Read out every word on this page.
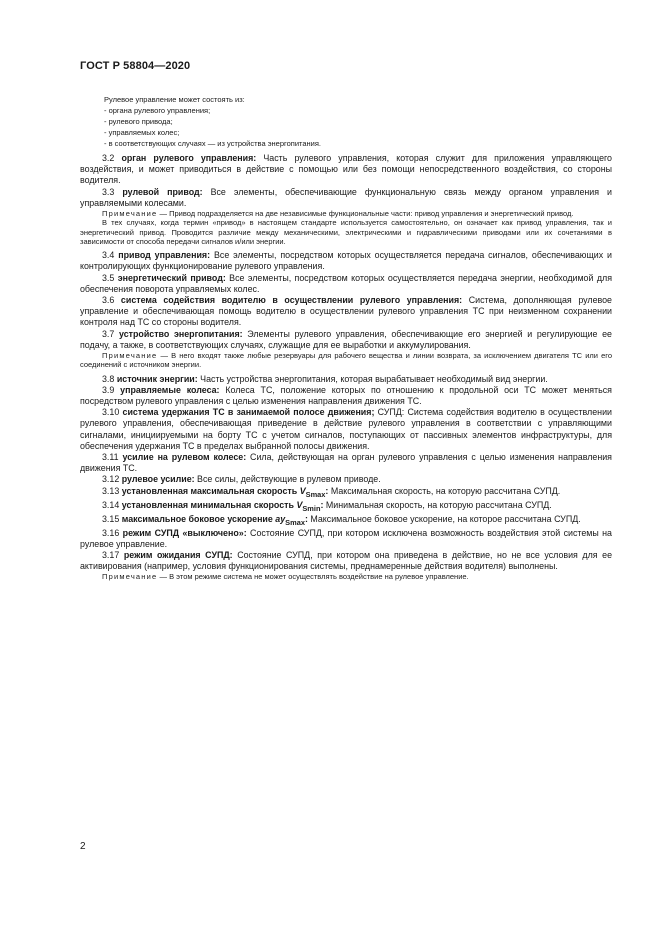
ГОСТ Р 58804—2020
Рулевое управление может состоять из:
- органа рулевого управления;
- рулевого привода;
- управляемых колес;
- в соответствующих случаях — из устройства энергопитания.

3.2 орган рулевого управления: Часть рулевого управления, которая служит для приложения управляющего воздействия, и может приводиться в действие с помощью или без помощи непосредственного воздействия, со стороны водителя.

3.3 рулевой привод: Все элементы, обеспечивающие функциональную связь между органом управления и управляемыми колесами.

Примечание — Привод подразделяется на две независимые функциональные части: привод управления и энергетический привод.

В тех случаях, когда термин «привод» в настоящем стандарте используется самостоятельно, он означает как привод управления, так и энергетический привод. Проводится различие между механическими, электрическими и гидравлическими приводами или их сочетаниями в зависимости от способа передачи сигналов и/или энергии.

3.4 привод управления: Все элементы, посредством которых осуществляется передача сигналов, обеспечивающих и контролирующих функционирование рулевого управления.

3.5 энергетический привод: Все элементы, посредством которых осуществляется передача энергии, необходимой для обеспечения поворота управляемых колес.

3.6 система содействия водителю в осуществлении рулевого управления: Система, дополняющая рулевое управление и обеспечивающая помощь водителю в осуществлении рулевого управления ТС при неизменном сохранении контроля над ТС со стороны водителя.

3.7 устройство энергопитания: Элементы рулевого управления, обеспечивающие его энергией и регулирующие ее подачу, а также, в соответствующих случаях, служащие для ее выработки и аккумулирования.

Примечание — В него входят также любые резервуары для рабочего вещества и линии возврата, за исключением двигателя ТС или его соединений с источником энергии.

3.8 источник энергии: Часть устройства энергопитания, которая вырабатывает необходимый вид энергии.

3.9 управляемые колеса: Колеса ТС, положение которых по отношению к продольной оси ТС может меняться посредством рулевого управления с целью изменения направления движения ТС.

3.10 система удержания ТС в занимаемой полосе движения; СУПД: Система содействия водителю в осуществлении рулевого управления, обеспечивающая приведение в действие рулевого управления в соответствии с управляющими сигналами, инициируемыми на борту ТС с учетом сигналов, поступающих от пассивных элементов инфраструктуры, для обеспечения удержания ТС в пределах выбранной полосы движения.

3.11 усилие на рулевом колесе: Сила, действующая на орган рулевого управления с целью изменения направления движения ТС.

3.12 рулевое усилие: Все силы, действующие в рулевом приводе.

3.13 установленная максимальная скорость $V_{Smax}$: Максимальная скорость, на которую рассчитана СУПД.

3.14 установленная минимальная скорость $V_{Smin}$: Минимальная скорость, на которую рассчитана СУПД.

3.15 максимальное боковое ускорение $ay_{Smax}$: Максимальное боковое ускорение, на которое рассчитана СУПД.

3.16 режим СУПД «выключено»: Состояние СУПД, при котором исключена возможность воздействия этой системы на рулевое управление.

3.17 режим ожидания СУПД: Состояние СУПД, при котором она приведена в действие, но не все условия для ее активирования (например, условия функционирования системы, преднамеренные действия водителя) выполнены.

Примечание — В этом режиме система не может осуществлять воздействие на рулевое управление.

2
